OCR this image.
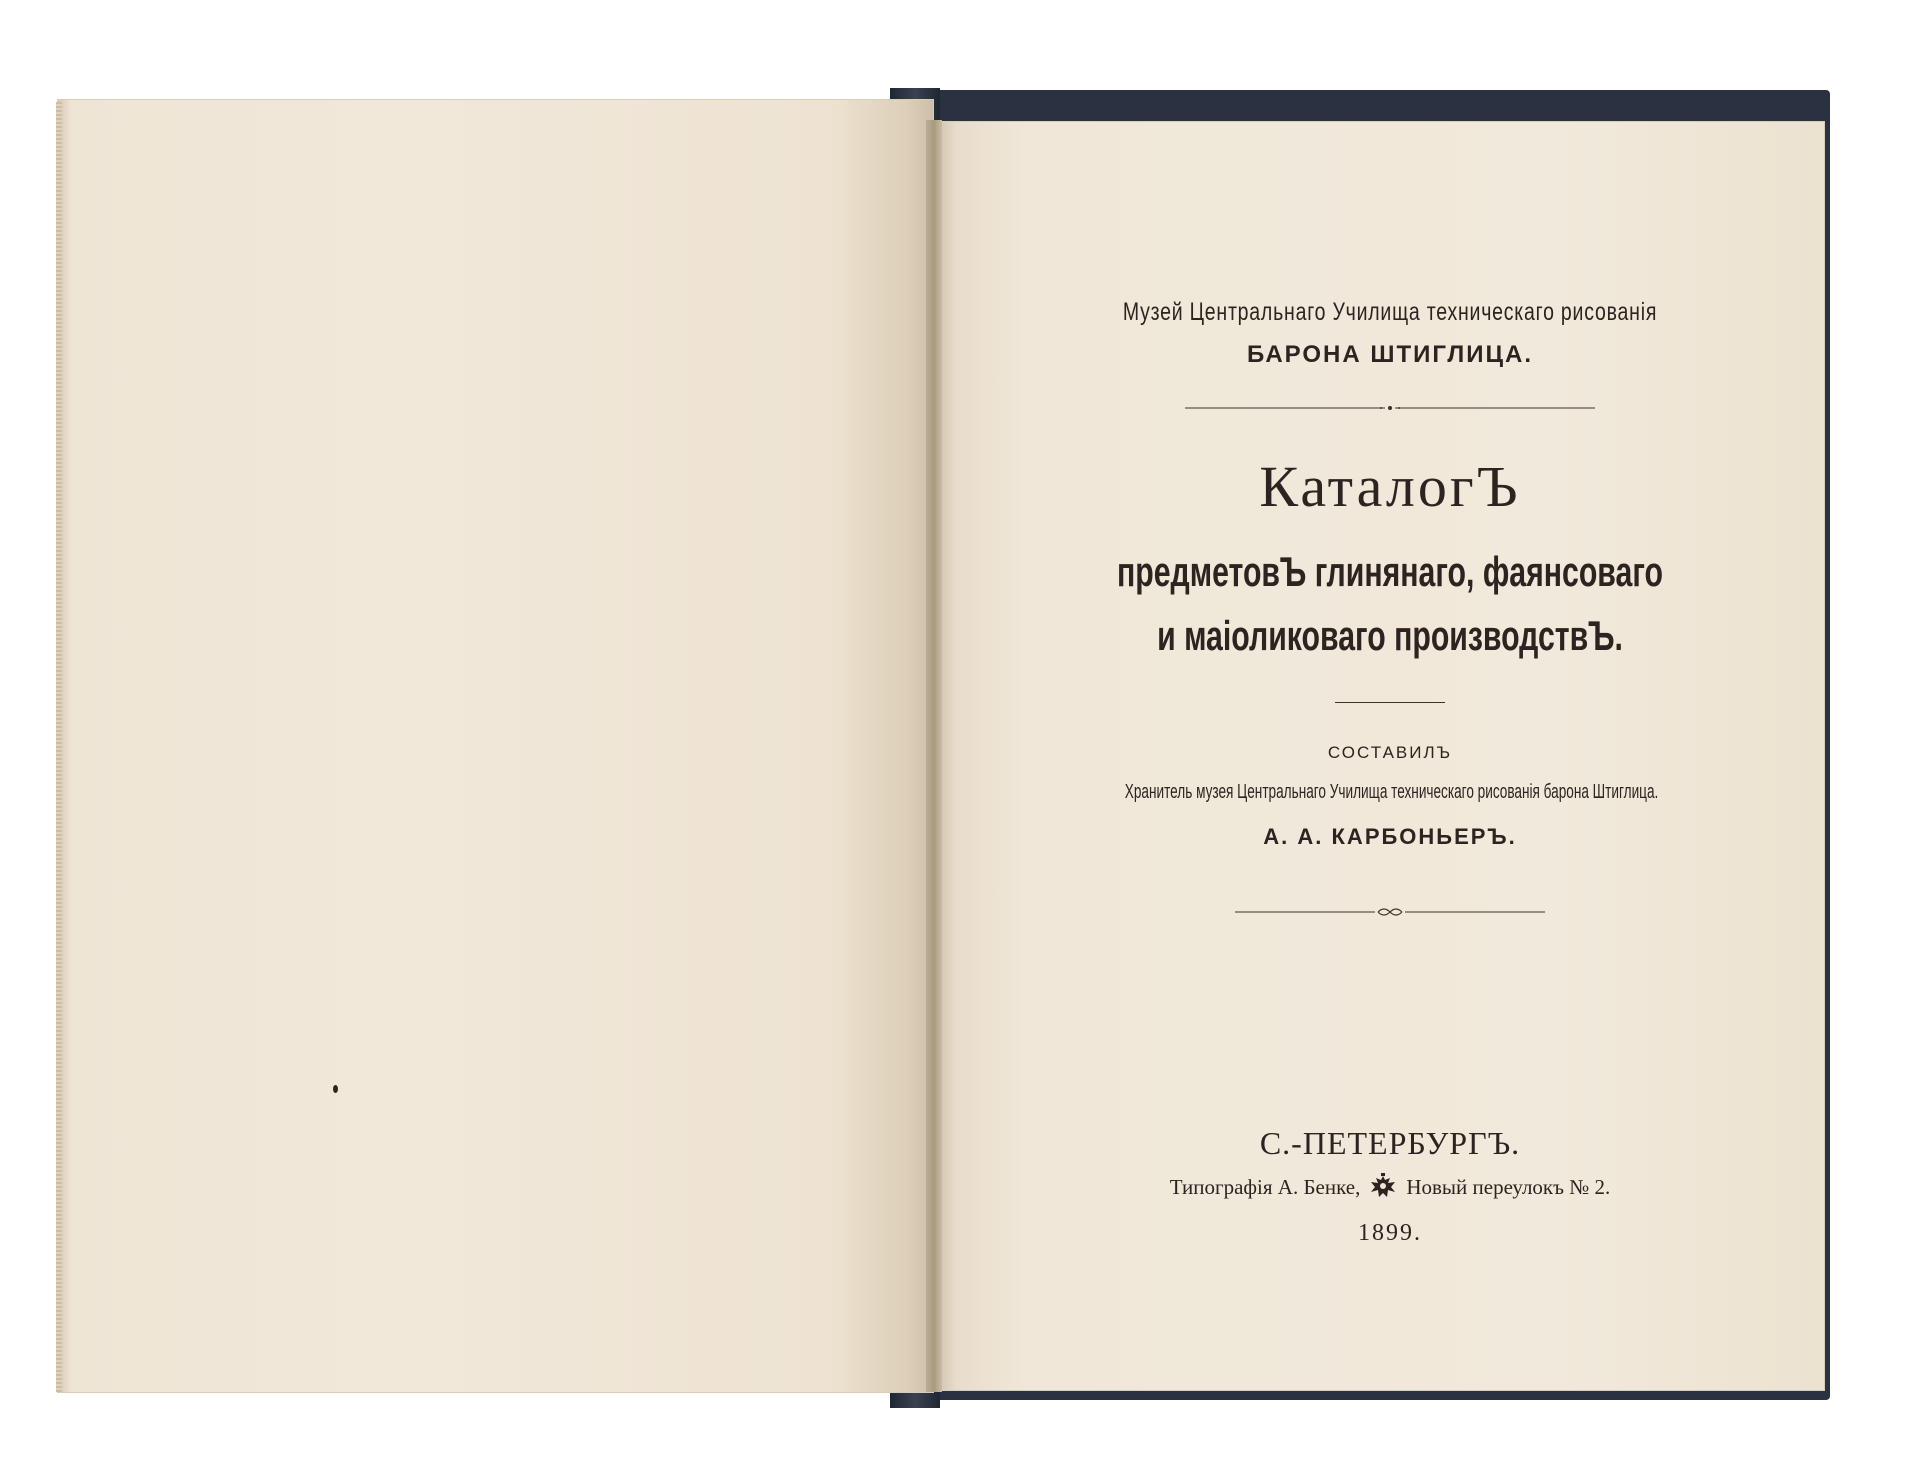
Музей Центральнаго Училища техническаго рисованія
БАРОНА ШТИГЛИЦА.
КаталогЪ
предметовЪ глинянаго, фаянсоваго
и маіоликоваго производствЪ.
СОСТАВИЛЪ
Хранитель музея Центральнаго Училища техническаго рисованія барона Штиглица.
А. А. КАРБОНЬЕРЪ.
С.-ПЕТЕРБУРГЪ.
Типографія А. Бенке, Новый переулокъ № 2.
1899.
